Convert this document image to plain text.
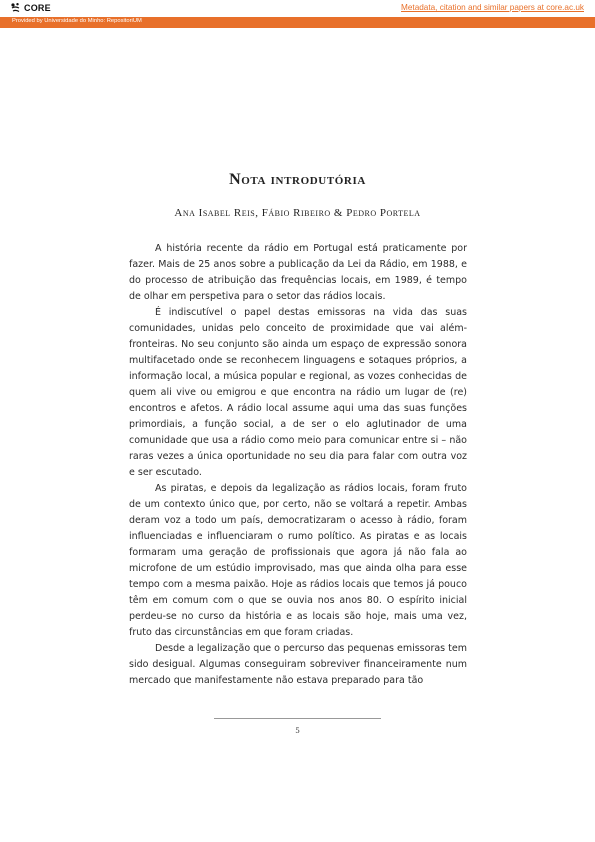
CORE	Metadata, citation and similar papers at core.ac.uk
Provided by Universidade do Minho: RepositoriUM
Nota introdutória
Ana Isabel Reis, Fábio Ribeiro & Pedro Portela

A história recente da rádio em Portugal está praticamente por fazer. Mais de 25 anos sobre a publicação da Lei da Rádio, em 1988, e do processo de atribuição das frequências locais, em 1989, é tempo de olhar em perspetiva para o setor das rádios locais.

É indiscutível o papel destas emissoras na vida das suas comunidades, unidas pelo conceito de proximidade que vai além-fronteiras. No seu conjunto são ainda um espaço de expressão sonora multifacetado onde se reconhecem linguagens e sotaques próprios, a informação local, a música popular e regional, as vozes conhecidas de quem ali vive ou emigrou e que encontra na rádio um lugar de (re) encontros e afetos. A rádio local assume aqui uma das suas funções primordiais, a função social, a de ser o elo aglutinador de uma comunidade que usa a rádio como meio para comunicar entre si – não raras vezes a única oportunidade no seu dia para falar com outra voz e ser escutado.

As piratas, e depois da legalização as rádios locais, foram fruto de um contexto único que, por certo, não se voltará a repetir. Ambas deram voz a todo um país, democratizaram o acesso à rádio, foram influenciadas e influenciaram o rumo político. As piratas e as locais formaram uma geração de profissionais que agora já não fala ao microfone de um estúdio improvisado, mas que ainda olha para esse tempo com a mesma paixão. Hoje as rádios locais que temos já pouco têm em comum com o que se ouvia nos anos 80. O espírito inicial perdeu-se no curso da história e as locais são hoje, mais uma vez, fruto das circunstâncias em que foram criadas.

Desde a legalização que o percurso das pequenas emissoras tem sido desigual. Algumas conseguiram sobreviver financeiramente num mercado que manifestamente não estava preparado para tão

5
